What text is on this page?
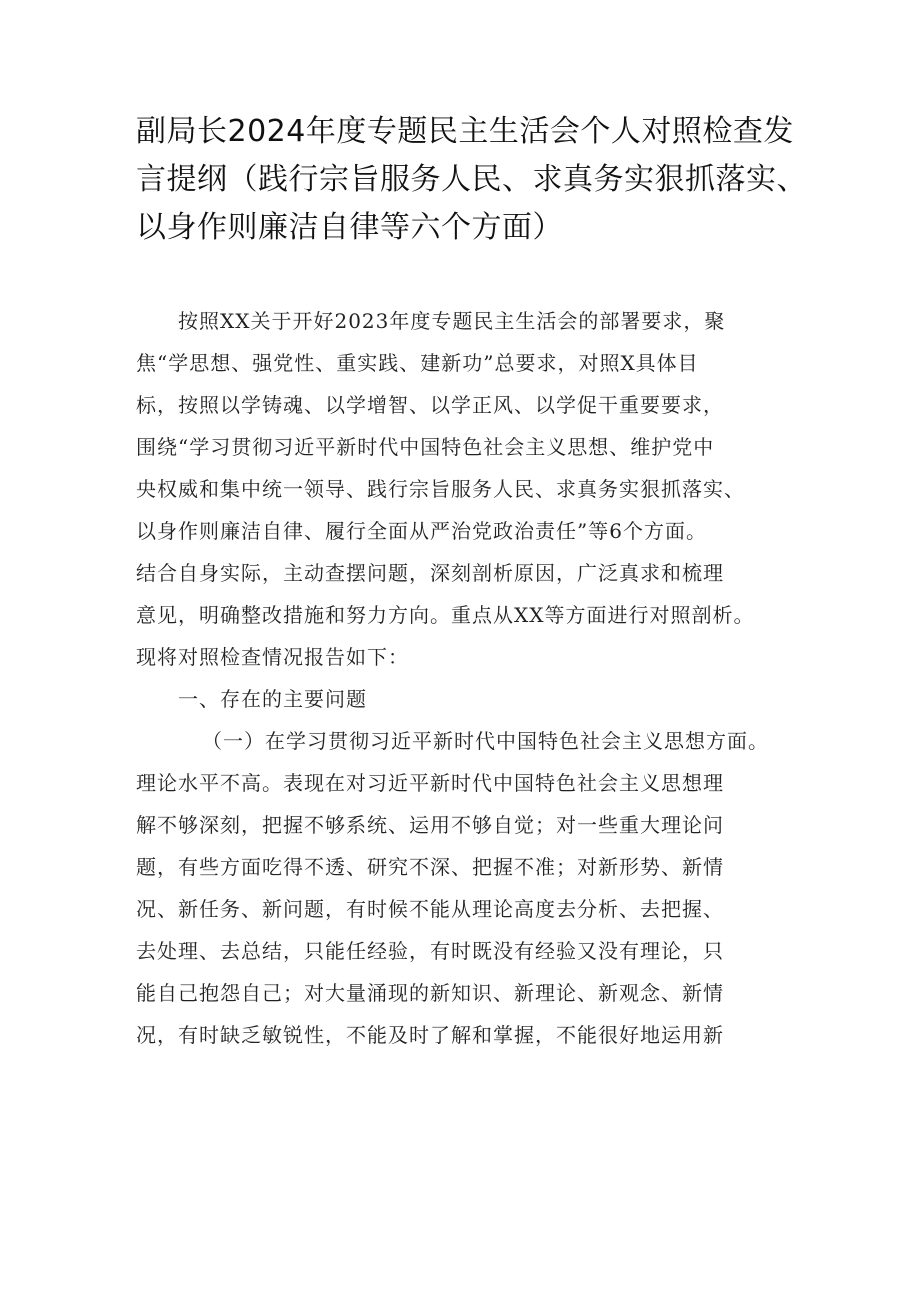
副局长2024年度专题民主生活会个人对照检查发
言提纲（践行宗旨服务人民、求真务实狠抓落实、
以身作则廉洁自律等六个方面）
按照XX关于开好2023年度专题民主生活会的部署要求，聚
焦“学思想、强党性、重实践、建新功”总要求，对照X具体目
标，按照以学铸魂、以学增智、以学正风、以学促干重要要求，
围绕“学习贯彻习近平新时代中国特色社会主义思想、维护党中
央权威和集中统一领导、践行宗旨服务人民、求真务实狠抓落实、
以身作则廉洁自律、履行全面从严治党政治责任”等6个方面。
结合自身实际，主动查摆问题，深刻剖析原因，广泛真求和梳理
意见，明确整改措施和努力方向。重点从XX等方面进行对照剖析。
现将对照检查情况报告如下：
一、存在的主要问题
（一）在学习贯彻习近平新时代中国特色社会主义思想方面。
理论水平不高。表现在对习近平新时代中国特色社会主义思想理
解不够深刻，把握不够系统、运用不够自觉；对一些重大理论问
题，有些方面吃得不透、研究不深、把握不准；对新形势、新情
况、新任务、新问题，有时候不能从理论高度去分析、去把握、
去处理、去总结，只能任经验，有时既没有经验又没有理论，只
能自己抱怨自己；对大量涌现的新知识、新理论、新观念、新情
况，有时缺乏敏锐性，不能及时了解和掌握，不能很好地运用新
